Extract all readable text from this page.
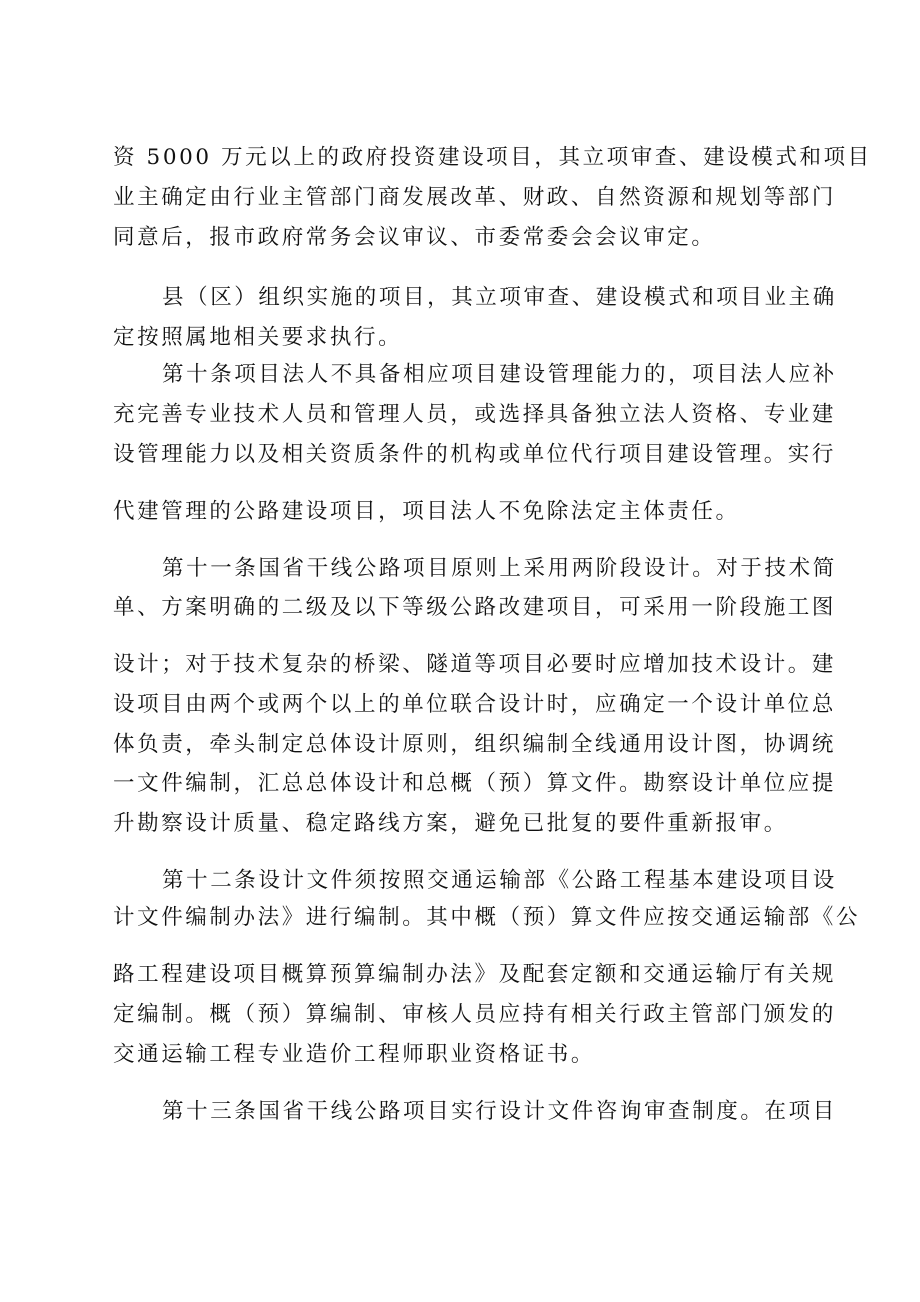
资 5000 万元以上的政府投资建设项目，其立项审查、建设模式和项目
业主确定由行业主管部门商发展改革、财政、自然资源和规划等部门
同意后，报市政府常务会议审议、市委常委会会议审定。
县（区）组织实施的项目，其立项审查、建设模式和项目业主确
定按照属地相关要求执行。
第十条项目法人不具备相应项目建设管理能力的，项目法人应补
充完善专业技术人员和管理人员，或选择具备独立法人资格、专业建
设管理能力以及相关资质条件的机构或单位代行项目建设管理。实行
代建管理的公路建设项目，项目法人不免除法定主体责任。
第十一条国省干线公路项目原则上采用两阶段设计。对于技术简
单、方案明确的二级及以下等级公路改建项目，可采用一阶段施工图
设计；对于技术复杂的桥梁、隧道等项目必要时应增加技术设计。建
设项目由两个或两个以上的单位联合设计时，应确定一个设计单位总
体负责，牵头制定总体设计原则，组织编制全线通用设计图，协调统
一文件编制，汇总总体设计和总概（预）算文件。勘察设计单位应提
升勘察设计质量、稳定路线方案，避免已批复的要件重新报审。
第十二条设计文件须按照交通运输部《公路工程基本建设项目设
计文件编制办法》进行编制。其中概（预）算文件应按交通运输部《公
路工程建设项目概算预算编制办法》及配套定额和交通运输厅有关规
定编制。概（预）算编制、审核人员应持有相关行政主管部门颁发的
交通运输工程专业造价工程师职业资格证书。
第十三条国省干线公路项目实行设计文件咨询审查制度。在项目
